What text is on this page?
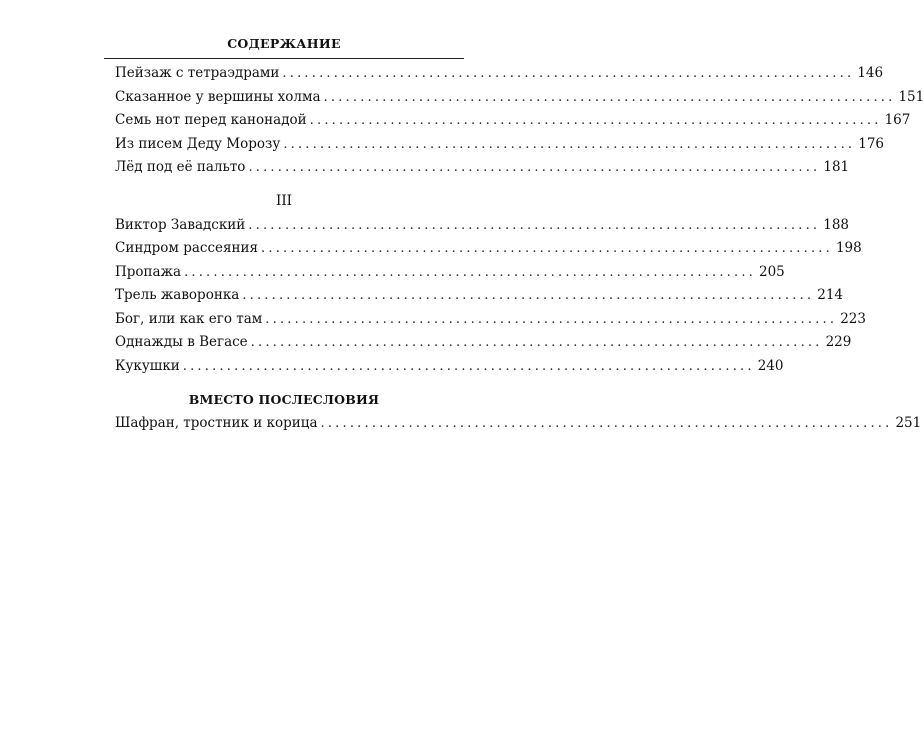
СОДЕРЖАНИЕ
Пейзаж с тетраэдрами .............................................................................. 146
Сказанное у вершины холма .............................................................................. 151
Семь нот перед канонадой .............................................................................. 167
Из писем Деду Морозу .............................................................................. 176
Лёд под её пальто .............................................................................. 181
III
Виктор Завадский .............................................................................. 188
Синдром рассеяния .............................................................................. 198
Пропажа .............................................................................. 205
Трель жаворонка .............................................................................. 214
Бог, или как его там .............................................................................. 223
Однажды в Вегасе .............................................................................. 229
Кукушки .............................................................................. 240
ВМЕСТО ПОСЛЕСЛОВИЯ
Шафран, тростник и корица .............................................................................. 251
